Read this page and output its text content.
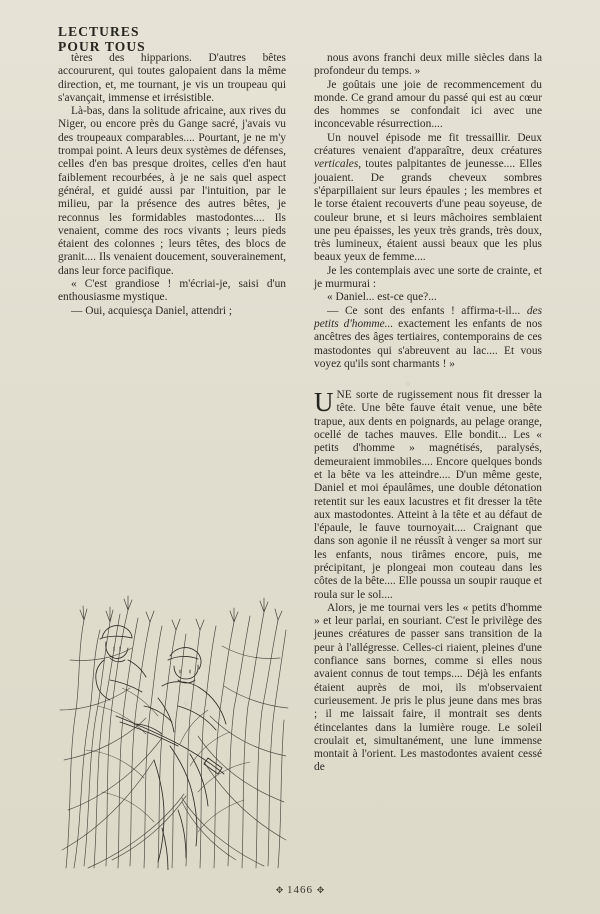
LECTURES
POUR TOUS

tères des hipparions. D'autres bêtes accoururent, qui toutes galopaient dans la même direction, et, me tournant, je vis un troupeau qui s'avançait, immense et irrésistible.

Là-bas, dans la solitude africaine, aux rives du Niger, ou encore près du Gange sacré, j'avais vu des troupeaux comparables.... Pourtant, je ne m'y trompai point. A leurs deux systèmes de défenses, celles d'en bas presque droites, celles d'en haut faiblement recourbées, à je ne sais quel aspect général, et guidé aussi par l'intuition, par le milieu, par la présence des autres bêtes, je reconnus les formidables mastodontes.... Ils venaient, comme des rocs vivants ; leurs pieds étaient des colonnes ; leurs têtes, des blocs de granit.... Ils venaient doucement, souverainement, dans leur force pacifique.

« C'est grandiose ! m'écriai-je, saisi d'un enthousiasme mystique.

— Oui, acquiesça Daniel, attendri ;

nous avons franchi deux mille siècles dans la profondeur du temps. »

Je goûtais une joie de recommencement du monde. Ce grand amour du passé qui est au cœur des hommes se confondait ici avec une inconcevable résurrection....

Un nouvel épisode me fit tressaillir. Deux créatures venaient d'apparaître, deux créatures verticales, toutes palpitantes de jeunesse.... Elles jouaient. De grands cheveux sombres s'éparpillaient sur leurs épaules ; les membres et le torse étaient recouverts d'une peau soyeuse, de couleur brune, et si leurs mâchoires semblaient une peu épaisses, les yeux très grands, très doux, très lumineux, étaient aussi beaux que les plus beaux yeux de femme....

Je les contemplais avec une sorte de crainte, et je murmurai :

« Daniel... est-ce que?...

— Ce sont des enfants ! affirma-t-il... des petits d'homme... exactement les enfants de nos ancêtres des âges tertiaires, contemporains de ces mastodontes qui s'abreuvent au lac.... Et vous voyez qu'ils sont charmants ! »

UNE sorte de rugissement nous fit dresser la tête. Une bête fauve était venue, une bête trapue, aux dents en poignards, au pelage orange, ocellé de taches mauves. Elle bondit... Les « petits d'homme » magnétisés, paralysés, demeuraient immobiles.... Encore quelques bonds et la bête va les atteindre.... D'un même geste, Daniel et moi épaulâmes, une double détonation retentit sur les eaux lacustres et fit dresser la tête aux mastodontes. Atteint à la tête et au défaut de l'épaule, le fauve tournoyait.... Craignant que dans son agonie il ne réussît à venger sa mort sur les enfants, nous tirâmes encore, puis, me précipitant, je plongeai mon couteau dans les côtes de la bête.... Elle poussa un soupir rauque et roula sur le sol....

Alors, je me tournai vers les « petits d'homme » et leur parlai, en souriant. C'est le privilège des jeunes créatures de passer sans transition de la peur à l'allégresse. Celles-ci riaient, pleines d'une confiance sans bornes, comme si elles nous avaient connus de tout temps.... Déjà les enfants étaient auprès de moi, ils m'observaient curieusement. Je pris le plus jeune dans mes bras ; il me laissait faire, il montrait ses dents étincelantes dans la lumière rouge. Le soleil croulait et, simultanément, une lune immense montait à l'orient. Les mastodontes avaient cessé de

✥ 1466 ✥
